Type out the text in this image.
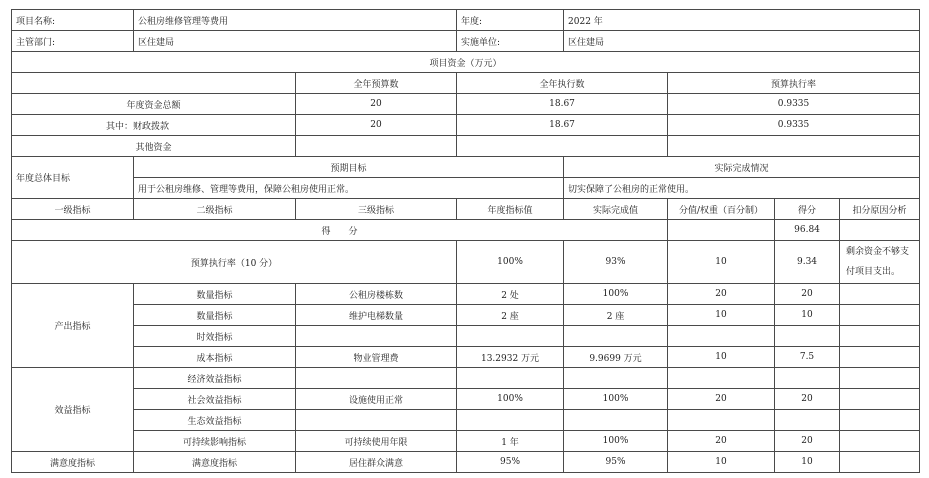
项目名称:	公租房维修管理等费用		年度:	2022 年			
主管部门:	区住建局		实施单位:	区住建局			
项目资金（万元）							
		全年预算数	全年执行数		预算执行率		
年度资金总额		20	18.67		0.9335		
其中：财政拨款		20	18.67		0.9335		
其他资金							
年度总体目标	预期目标			实际完成情况			
	用于公租房维修、管理等费用，保障公租房使用正常。			切实保障了公租房的正常使用。			
一级指标	二级指标	三级指标	年度指标值	实际完成值	分值/权重（百分制）	得分	扣分原因分析
得　　分						96.84	
预算执行率（10 分）			100%	93%	10	9.34	剩余资金不够支付项目支出。
产出指标	数量指标	公租房楼栋数	2 处	100%	20	20	
	数量指标	维护电梯数量	2 座	2 座	10	10	
	时效指标						
	成本指标	物业管理费	13.2932 万元	9.9699 万元	10	7.5	
效益指标	经济效益指标						
	社会效益指标	设施使用正常	100%	100%	20	20	
	生态效益指标						
	可持续影响指标	可持续使用年限	1 年	100%	20	20	
满意度指标	满意度指标	居住群众满意	95%	95%	10	10	
